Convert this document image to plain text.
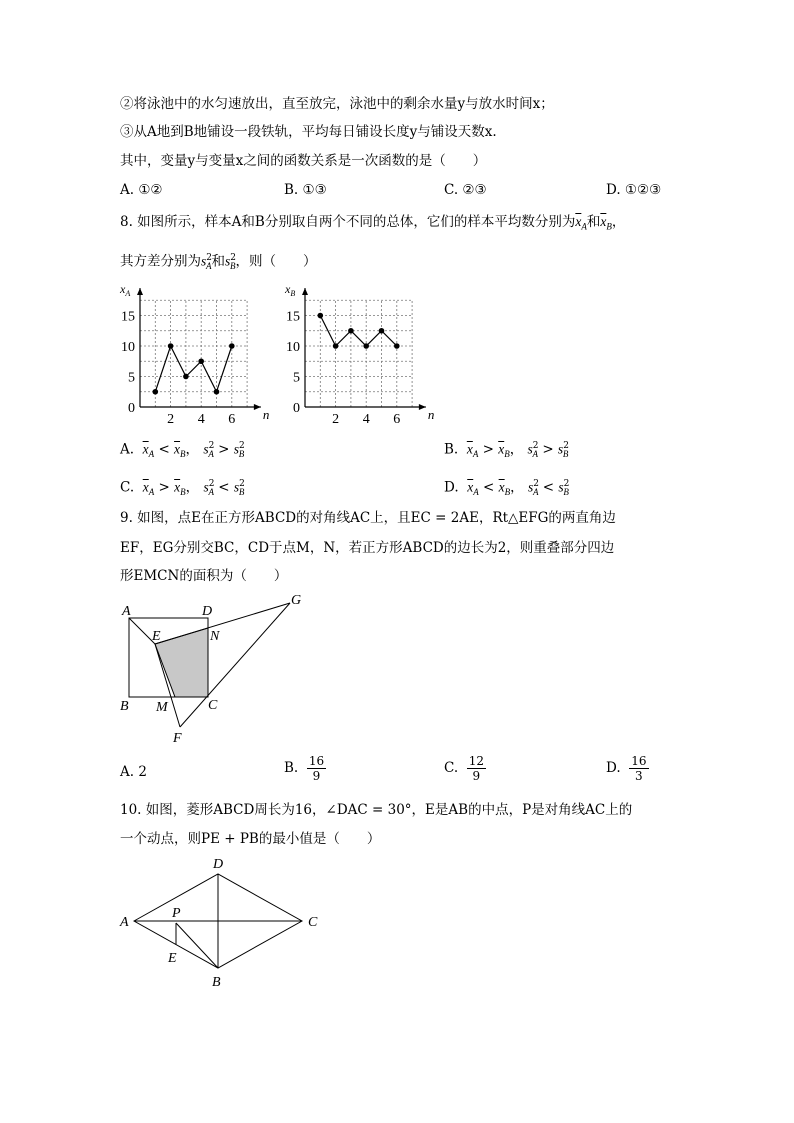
②将泳池中的水匀速放出，直至放完，泳池中的剩余水量y与放水时间x；
③从A地到B地铺设一段铁轨，平均每日铺设长度y与铺设天数x.
其中，变量y与变量x之间的函数关系是一次函数的是（　　）
A. ①②	B. ①③	C. ②③	D. ①②③
8. 如图所示，样本A和B分别取自两个不同的总体，它们的样本平均数分别为$\overline{x}_A$和$\overline{x}_B$，
其方差分别为$s^2_A$和$s^2_B$，则（　　）
0
5
10
15
2 4 6
$x_A$
n 0
5
10
15
2 4 6
$x_B$
n
A. $\overline{x}_A < \overline{x}_B$， $s^2_A > s^2_B$	B. $\overline{x}_A > \overline{x}_B$， $s^2_A > s^2_B$
C. $\overline{x}_A > \overline{x}_B$， $s^2_A < s^2_B$	D. $\overline{x}_A < \overline{x}_B$， $s^2_A < s^2_B$
9. 如图，点E在正方形ABCD的对角线AC上，且EC = 2AE，Rt△EFG的两直角边
EF，EG分别交BC，CD于点M，N，若正方形ABCD的边长为2，则重叠部分四边
形EMCN的面积为（　　）
A	D
G
E	N
B M	C
F
A. 2	B. $\frac{16}{9}$	C. $\frac{12}{9}$	D. $\frac{16}{3}$
10. 如图，菱形ABCD周长为16，∠DAC = 30°，E是AB的中点，P是对角线AC上的
一个动点，则PE + PB的最小值是（　　）
D
A
P
C
E
B
